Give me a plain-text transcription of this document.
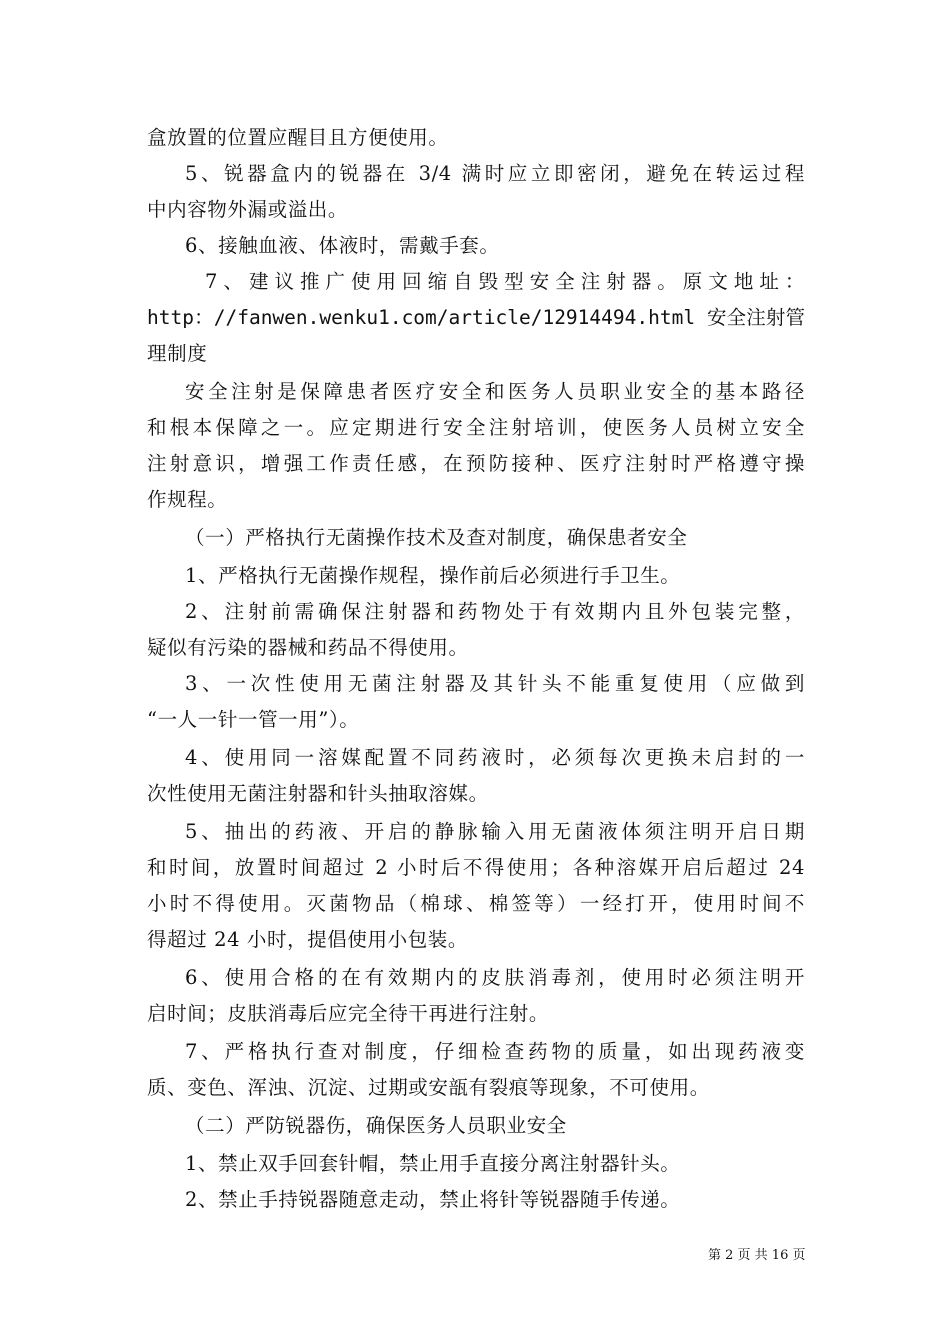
盒放置的位置应醒目且方便使用。
5、锐器盒内的锐器在 3/4 满时应立即密闭，避免在转运过程
中内容物外漏或溢出。
6、接触血液、体液时，需戴手套。
7、建议推广使用回缩自毁型安全注射器。原文地址：
http：//fanwen.wenku1.com/article/12914494.html 安全注射管
理制度
安全注射是保障患者医疗安全和医务人员职业安全的基本路径
和根本保障之一。应定期进行安全注射培训，使医务人员树立安全
注射意识，增强工作责任感，在预防接种、医疗注射时严格遵守操
作规程。
（一）严格执行无菌操作技术及查对制度，确保患者安全
1、严格执行无菌操作规程，操作前后必须进行手卫生。
2、注射前需确保注射器和药物处于有效期内且外包装完整，
疑似有污染的器械和药品不得使用。
3、一次性使用无菌注射器及其针头不能重复使用（应做到
“一人一针一管一用”）。
4、使用同一溶媒配置不同药液时，必须每次更换未启封的一
次性使用无菌注射器和针头抽取溶媒。
5、抽出的药液、开启的静脉输入用无菌液体须注明开启日期
和时间，放置时间超过 2 小时后不得使用；各种溶媒开启后超过 24
小时不得使用。灭菌物品（棉球、棉签等）一经打开，使用时间不
得超过 24 小时，提倡使用小包装。
6、使用合格的在有效期内的皮肤消毒剂，使用时必须注明开
启时间；皮肤消毒后应完全待干再进行注射。
7、严格执行查对制度，仔细检查药物的质量，如出现药液变
质、变色、浑浊、沉淀、过期或安瓿有裂痕等现象，不可使用。
（二）严防锐器伤，确保医务人员职业安全
1、禁止双手回套针帽，禁止用手直接分离注射器针头。
2、禁止手持锐器随意走动，禁止将针等锐器随手传递。
第 2 页 共 16 页
